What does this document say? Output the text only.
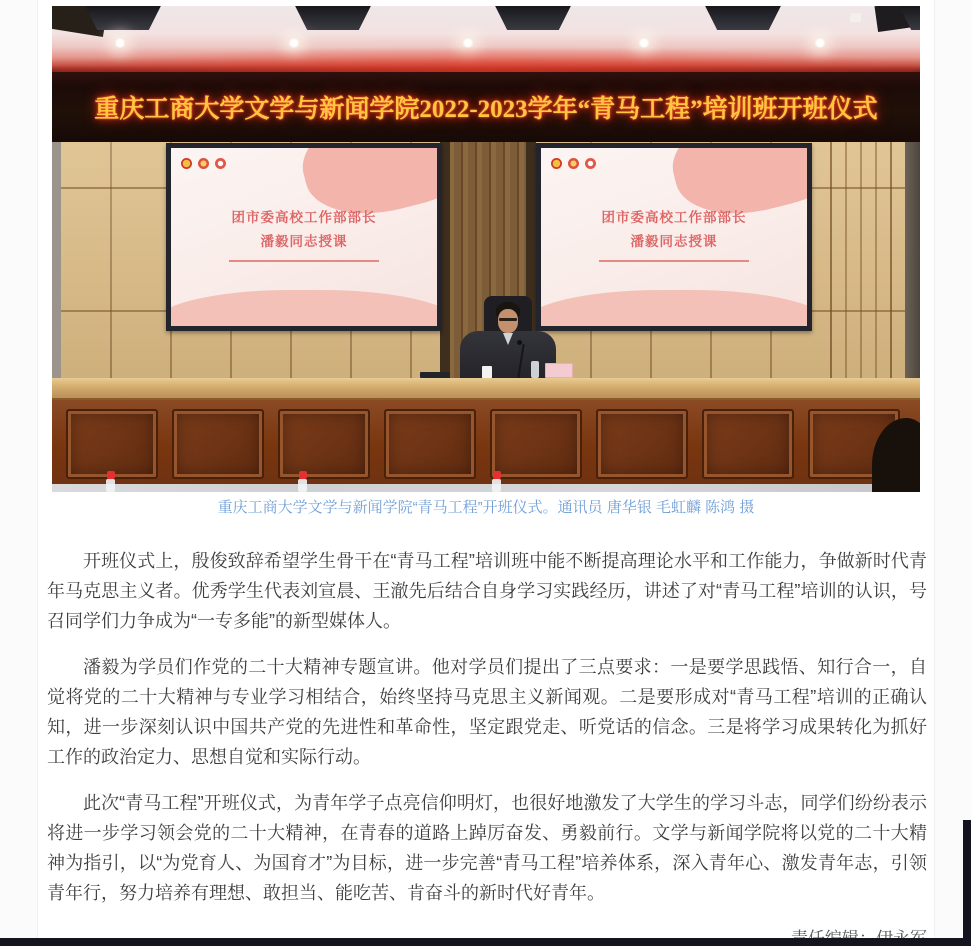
重庆工商大学文学与新闻学院2022-2023学年“青马工程”培训班开班仪式
团市委高校工作部部长
潘毅同志授课
团市委高校工作部部长
潘毅同志授课

重庆工商大学文学与新闻学院“青马工程”开班仪式。通讯员 唐华银 毛虹麟 陈鸿 摄

开班仪式上，殷俊致辞希望学生骨干在“青马工程”培训班中能不断提高理论水平和工作能力，争做新时代青年马克思主义者。优秀学生代表刘宣晨、王澈先后结合自身学习实践经历，讲述了对“青马工程”培训的认识，号召同学们力争成为“一专多能”的新型媒体人。

潘毅为学员们作党的二十大精神专题宣讲。他对学员们提出了三点要求：一是要学思践悟、知行合一，自觉将党的二十大精神与专业学习相结合，始终坚持马克思主义新闻观。二是要形成对“青马工程”培训的正确认知，进一步深刻认识中国共产党的先进性和革命性，坚定跟党走、听党话的信念。三是将学习成果转化为抓好工作的政治定力、思想自觉和实际行动。

此次“青马工程”开班仪式，为青年学子点亮信仰明灯，也很好地激发了大学生的学习斗志，同学们纷纷表示将进一步学习领会党的二十大精神，在青春的道路上踔厉奋发、勇毅前行。文学与新闻学院将以党的二十大精神为指引，以“为党育人、为国育才”为目标，进一步完善“青马工程”培养体系，深入青年心、激发青年志，引领青年行，努力培养有理想、敢担当、能吃苦、肯奋斗的新时代好青年。
